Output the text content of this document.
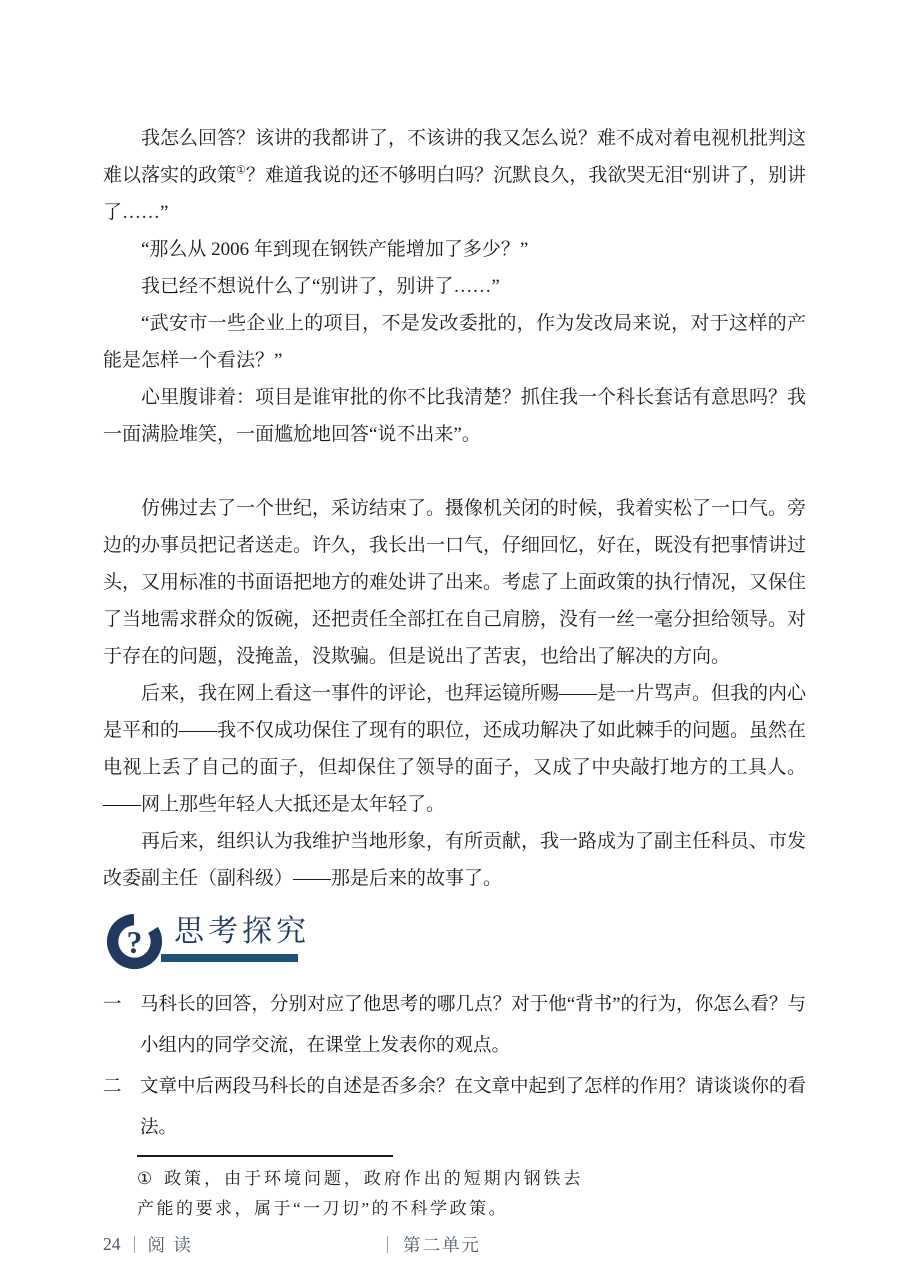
我怎么回答？该讲的我都讲了，不该讲的我又怎么说？难不成对着电视机批判这难以落实的政策①？难道我说的还不够明白吗？沉默良久，我欲哭无泪“别讲了，别讲了……”

“那么从 2006 年到现在钢铁产能增加了多少？”

我已经不想说什么了“别讲了，别讲了……”

“武安市一些企业上的项目，不是发改委批的，作为发改局来说，对于这样的产能是怎样一个看法？”

心里腹诽着：项目是谁审批的你不比我清楚？抓住我一个科长套话有意思吗？我一面满脸堆笑，一面尴尬地回答“说不出来”。

仿佛过去了一个世纪，采访结束了。摄像机关闭的时候，我着实松了一口气。旁边的办事员把记者送走。许久，我长出一口气，仔细回忆，好在，既没有把事情讲过头，又用标准的书面语把地方的难处讲了出来。考虑了上面政策的执行情况，又保住了当地需求群众的饭碗，还把责任全部扛在自己肩膀，没有一丝一毫分担给领导。对于存在的问题，没掩盖，没欺骗。但是说出了苦衷，也给出了解决的方向。

后来，我在网上看这一事件的评论，也拜运镜所赐——是一片骂声。但我的内心是平和的——我不仅成功保住了现有的职位，还成功解决了如此棘手的问题。虽然在电视上丢了自己的面子，但却保住了领导的面子，又成了中央敲打地方的工具人。——网上那些年轻人大抵还是太年轻了。

再后来，组织认为我维护当地形象，有所贡献，我一路成为了副主任科员、市发改委副主任（副科级）——那是后来的故事了。

?	思考探究
一 马科长的回答，分别对应了他思考的哪几点？对于他“背书”的行为，你怎么看？与小组内的同学交流，在课堂上发表你的观点。
二 文章中后两段马科长的自述是否多余？在文章中起到了怎样的作用？请谈谈你的看法。

① 政策，由于环境问题，政府作出的短期内钢铁去产能的要求，属于“一刀切”的不科学政策。

24 阅 读	第二单元
